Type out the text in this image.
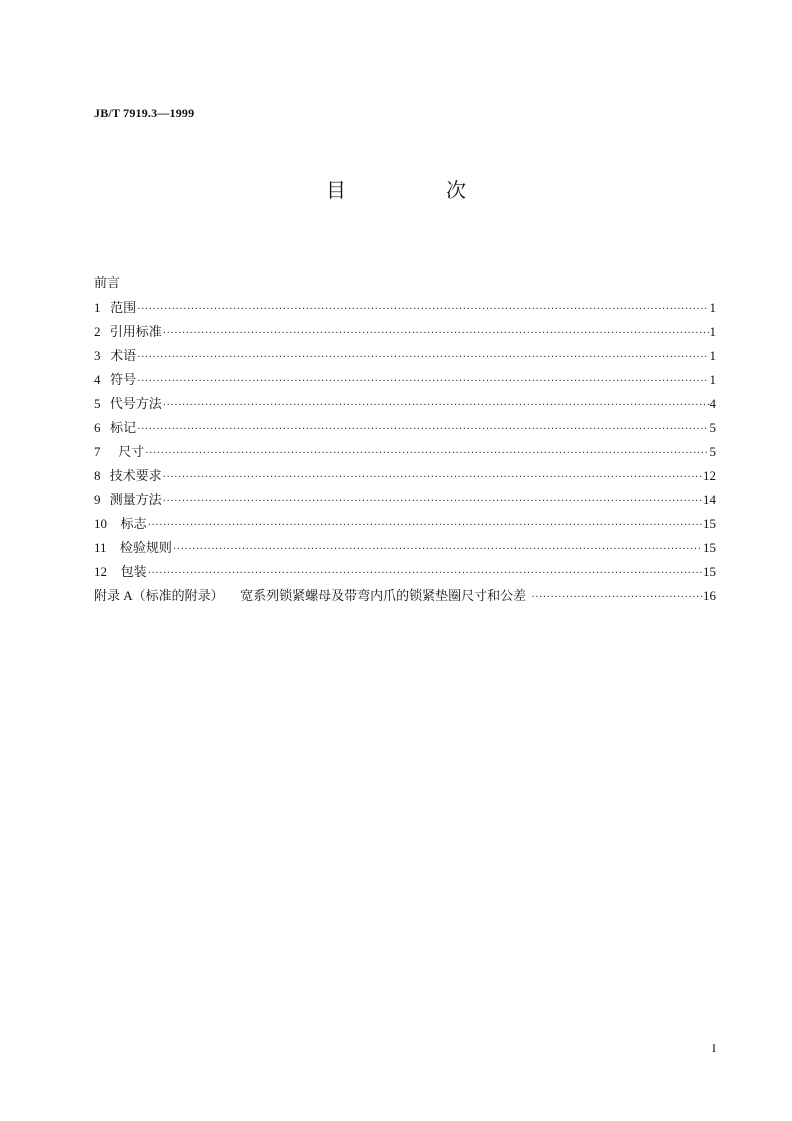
JB/T 7919.3—1999
目　次
前言
1 范围 ·····	1
2 引用标准 ·····	1
3 术语 ·····	1
4 符号 ·····	1
5 代号方法 ·····	4
6 标记 ·····	5
7 尺寸 ·····	5
8 技术要求 ·····	12
9 测量方法 ·····	14
10 标志 ·····	15
11 检验规则 ·····	15
12 包装 ·····	15
附录 A（标准的附录） 宽系列锁紧螺母及带弯内爪的锁紧垫圈尺寸和公差 ·····	16
I
